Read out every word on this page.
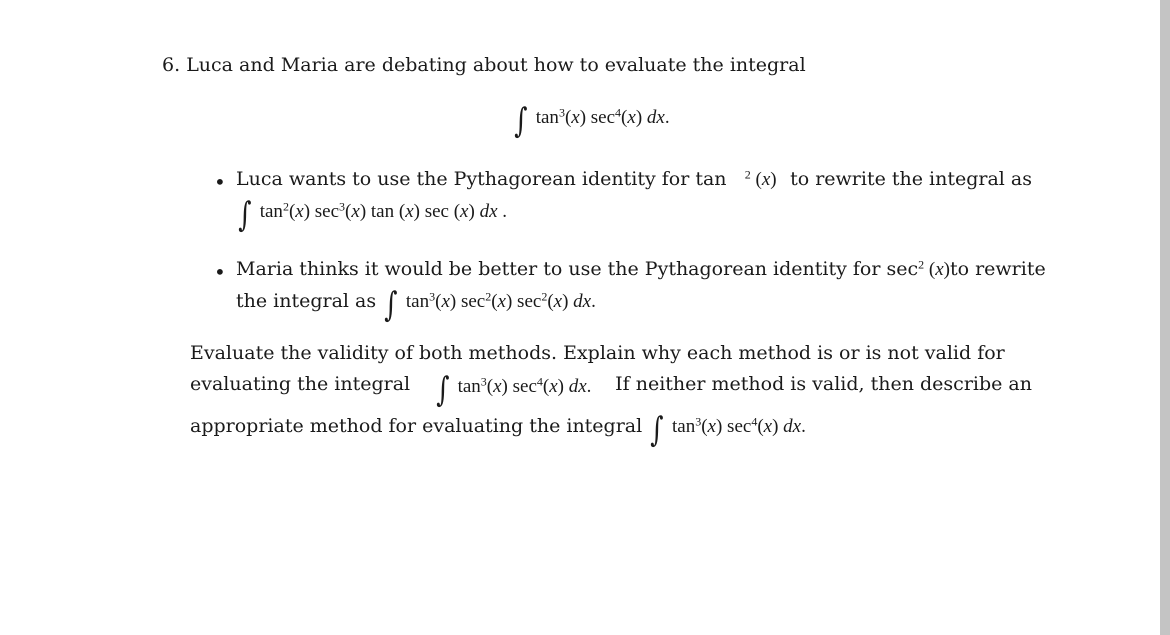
6. Luca and Maria are debating about how to evaluate the integral
∫ $\tan^3(x)$ $\sec^4(x)$ dx.
• Luca wants to use the Pythagorean identity for tan	$^2$ (x) to rewrite the integral as
∫ $\tan^2(x)$ $\sec^3(x)$ tan (x) sec (x) dx .
• Maria thinks it would be better to use the Pythagorean identity for sec $^2$ (x) to rewrite
the integral as ∫ $\tan^3(x)$ $\sec^2(x)$ $\sec^2(x)$ dx.
Evaluate the validity of both methods. Explain why each method is or is not valid for
evaluating the integral ∫ $\tan^3(x)$ $\sec^4(x)$ dx. If neither method is valid, then describe an
appropriate method for evaluating the integral ∫ $\tan^3(x)$ $\sec^4(x)$ dx.
